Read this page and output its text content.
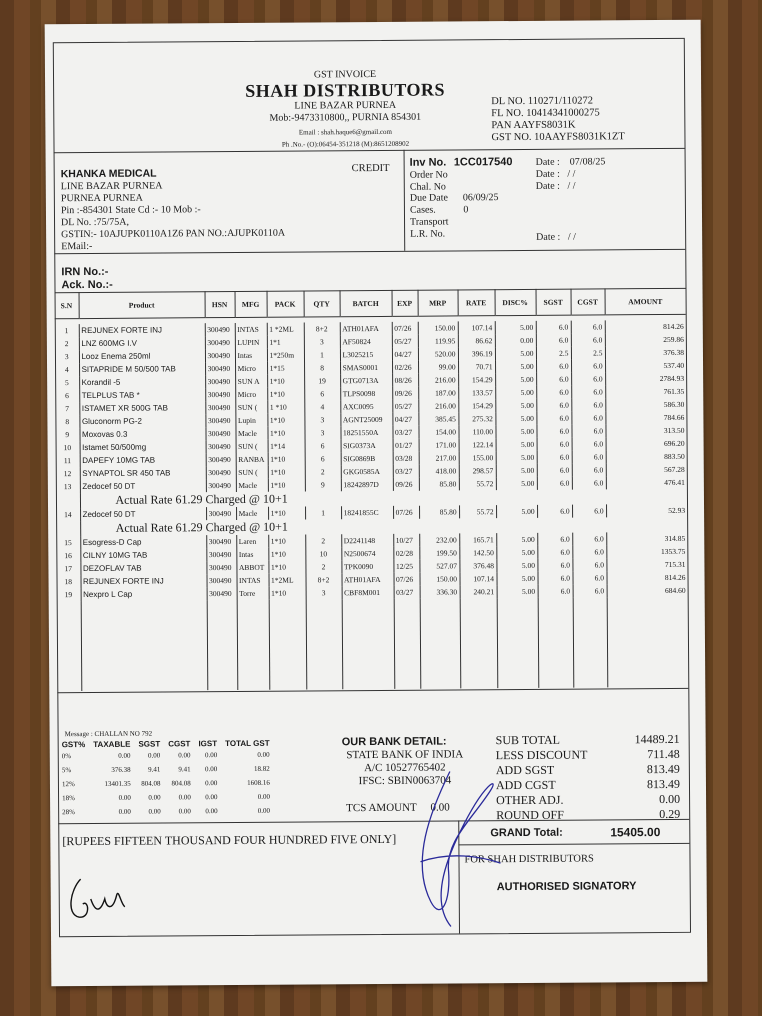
GST INVOICE
SHAH DISTRIBUTORS
LINE BAZAR PURNEA
Mob:-9473310800,, PURNIA 854301
Email : shah.haque6@gmail.com
Ph .No.- (O):06454-351218 (M):8651208902
DL NO. 110271/110272
FL NO. 10414341000275
PAN AAYFS8031K
GST NO. 10AAYFS8031K1ZT
KHANKA MEDICAL	CREDIT
LINE BAZAR PURNEA
PURNEA PURNEA
Pin :-854301 State Cd :- 10 Mob :-
DL No. :75/75A,
GSTIN:- 10AJUPK0110A1Z6 PAN NO.:AJUPK0110A
EMail:-
Inv No. 1CC017540
Order No
Chal. No
Due Date 06/09/25
Cases.	0
Transport
L.R. No.
Date : 07/08/25
Date : / /
Date : / /
Date : / /
IRN No.:-
Ack. No.:-
S.N	Product	HSN	MFG	PACK	QTY	BATCH	EXP	MRP	RATE	DISC%	SGST	CGST	AMOUNT

1	REJUNEX FORTE INJ	300490	INTAS	1 *2ML	8+2	ATH01AFA	07/26	150.00	107.14	5.00	6.0	6.0	814.26
2	LNZ 600MG I.V	300490	LUPIN	1*1	3	AF50824	05/27	119.95	86.62	0.00	6.0	6.0	259.86
3	Looz Enema 250ml	300490	Intas	1*250m	1	L3025215	04/27	520.00	396.19	5.00	2.5	2.5	376.38
4	SITAPRIDE M 50/500 TAB	300490	Micro	1*15	8	SMAS0001	02/26	99.00	70.71	5.00	6.0	6.0	537.40
5	Korandil -5	300490	SUN A	1*10	19	GTG0713A	08/26	216.00	154.29	5.00	6.0	6.0	2784.93
6	TELPLUS TAB *	300490	Micro	1*10	6	TLPS0098	09/26	187.00	133.57	5.00	6.0	6.0	761.35
7	ISTAMET XR 500G TAB	300490	SUN (	1 *10	4	AXC0095	05/27	216.00	154.29	5.00	6.0	6.0	586.30
8	Gluconorm PG-2	300490	Lupin	1*10	3	AGNT25009	04/27	385.45	275.32	5.00	6.0	6.0	784.66
9	Moxovas 0.3	300490	Macle	1*10	3	18251550A	03/27	154.00	110.00	5.00	6.0	6.0	313.50
10	Istamet 50/500mg	300490	SUN (	1*14	6	SIG0373A	01/27	171.00	122.14	5.00	6.0	6.0	696.20
11	DAPEFY 10MG TAB	300490	RANBA	1*10	6	SIG0869B	03/28	217.00	155.00	5.00	6.0	6.0	883.50
12	SYNAPTOL SR 450 TAB	300490	SUN (	1*10	2	GKG0585A	03/27	418.00	298.57	5.00	6.0	6.0	567.28
13	Zedocef 50 DT	300490	Macle	1*10	9	18242897D	09/26	85.80	55.72	5.00	6.0	6.0	476.41
	Actual Rate 61.29 Charged @ 10+1												
14	Zedocef 50 DT	300490	Macle	1*10	1	18241855C	07/26	85.80	55.72	5.00	6.0	6.0	52.93
	Actual Rate 61.29 Charged @ 10+1												
15	Esogress-D Cap	300490	Laren	1*10	2	D2241148	10/27	232.00	165.71	5.00	6.0	6.0	314.85
16	CILNY 10MG TAB	300490	Intas	1*10	10	N2500674	02/28	199.50	142.50	5.00	6.0	6.0	1353.75
17	DEZOFLAV TAB	300490	ABBOT	1*10	2	TPK0090	12/25	527.07	376.48	5.00	6.0	6.0	715.31
18	REJUNEX FORTE INJ	300490	INTAS	1*2ML	8+2	ATH01AFA	07/26	150.00	107.14	5.00	6.0	6.0	814.26
19	Nexpro L Cap	300490	Torre	1*10	3	CBF8M001	03/27	336.30	240.21	5.00	6.0	6.0	684.60

Message : CHALLAN NO 792
GST%	TAXABLE	SGST	CGST	IGST	TOTAL GST
0%	0.00	0.00	0.00	0.00	0.00
5%	376.38	9.41	9.41	0.00	18.82
12%	13401.35	804.08	804.08	0.00	1608.16
18%	0.00	0.00	0.00	0.00	0.00
28%	0.00	0.00	0.00	0.00	0.00
OUR BANK DETAIL:
STATE BANK OF INDIA
A/C 10527765402
IFSC: SBIN0063704
TCS AMOUNT 0.00
SUB TOTAL	14489.21
LESS DISCOUNT	711.48
ADD SGST	813.49
ADD CGST	813.49
OTHER ADJ.	0.00
ROUND OFF	0.29
[RUPEES FIFTEEN THOUSAND FOUR HUNDRED FIVE ONLY]	GRAND Total:	15405.00
FOR SHAH DISTRIBUTORS
AUTHORISED SIGNATORY
